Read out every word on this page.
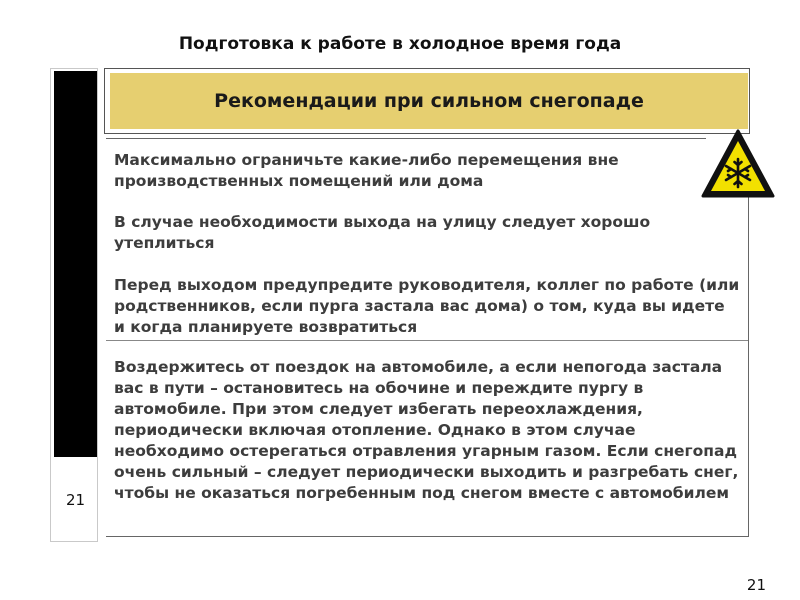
Подготовка к работе в холодное время года
21
Рекомендации при сильном снегопаде

Максимально ограничьте какие-либо перемещения вне производственных помещений или дома

В случае необходимости выхода на улицу следует хорошо утеплиться

Перед выходом предупредите руководителя, коллег по работе (или родственников, если пурга застала вас дома) о том, куда вы идете и когда планируете возвратиться

Воздержитесь от поездок на автомобиле, а если непогода застала вас в пути – остановитесь на обочине и переждите пургу в автомобиле. При этом следует избегать переохлаждения, периодически включая отопление. Однако в этом случае необходимо остерегаться отравления угарным газом. Если снегопад очень сильный – следует периодически выходить и разгребать снег, чтобы не оказаться погребенным под снегом вместе с автомобилем

21
